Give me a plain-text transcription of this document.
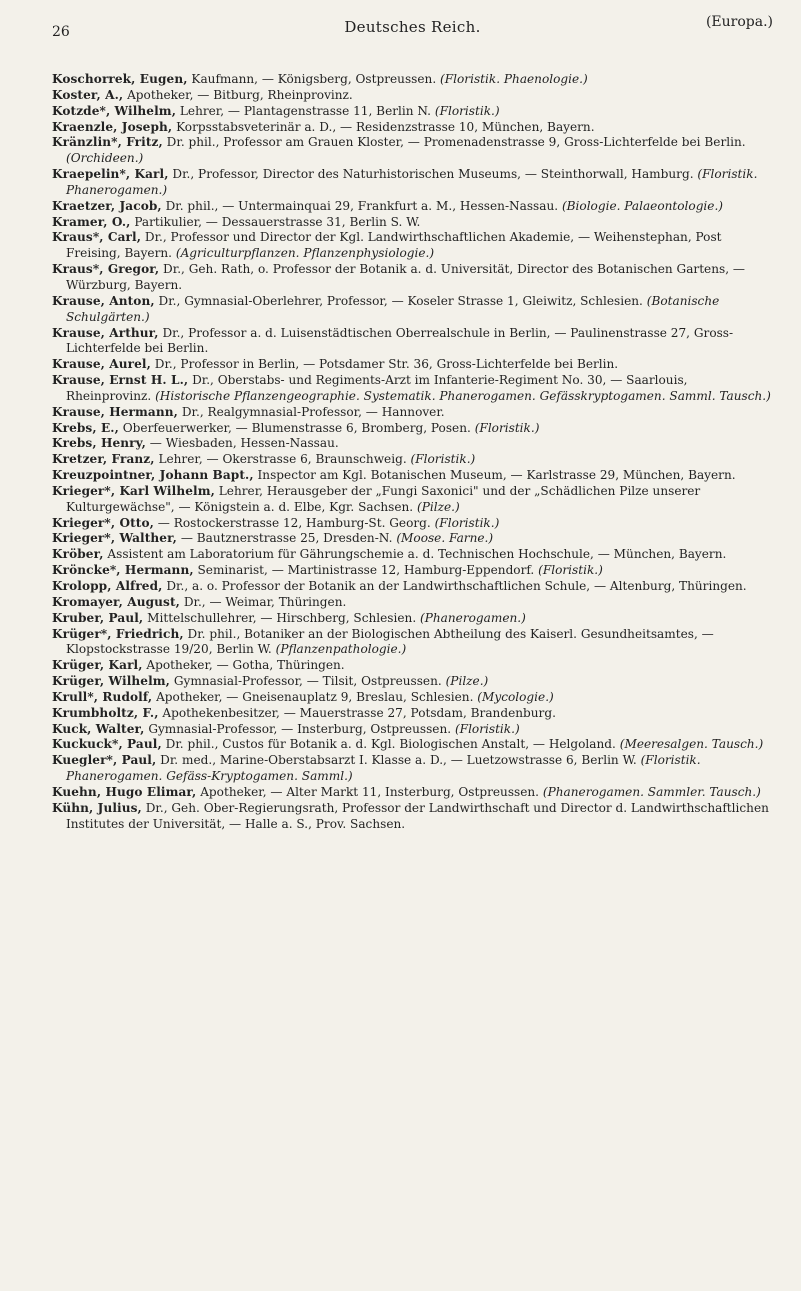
26	Deutsches Reich.	(Europa.)

Koschorrek, Eugen, Kaufmann, — Königsberg, Ostpreussen. (Floristik. Phaenologie.)

Koster, A., Apotheker, — Bitburg, Rheinprovinz.

Kotzde*, Wilhelm, Lehrer, — Plantagenstrasse 11, Berlin N. (Floristik.)

Kraenzle, Joseph, Korpsstabsveterinär a. D., — Residenzstrasse 10, München, Bayern.

Kränzlin*, Fritz, Dr. phil., Professor am Grauen Kloster, — Promenadenstrasse 9, Gross-Lichterfelde bei Berlin. (Orchideen.)

Kraepelin*, Karl, Dr., Professor, Director des Naturhistorischen Museums, — Steinthorwall, Hamburg. (Floristik. Phanerogamen.)

Kraetzer, Jacob, Dr. phil., — Untermainquai 29, Frankfurt a. M., Hessen-Nassau. (Biologie. Palaeontologie.)

Kramer, O., Partikulier, — Dessauerstrasse 31, Berlin S. W.

Kraus*, Carl, Dr., Professor und Director der Kgl. Landwirthschaftlichen Akademie, — Weihenstephan, Post Freising, Bayern. (Agriculturpflanzen. Pflanzenphysiologie.)

Kraus*, Gregor, Dr., Geh. Rath, o. Professor der Botanik a. d. Universität, Director des Botanischen Gartens, — Würzburg, Bayern.

Krause, Anton, Dr., Gymnasial-Oberlehrer, Professor, — Koseler Strasse 1, Gleiwitz, Schlesien. (Botanische Schulgärten.)

Krause, Arthur, Dr., Professor a. d. Luisenstädtischen Oberrealschule in Berlin, — Paulinenstrasse 27, Gross-Lichterfelde bei Berlin.

Krause, Aurel, Dr., Professor in Berlin, — Potsdamer Str. 36, Gross-Lichterfelde bei Berlin.

Krause, Ernst H. L., Dr., Oberstabs- und Regiments-Arzt im Infanterie-Regiment No. 30, — Saarlouis, Rheinprovinz. (Historische Pflanzengeographie. Systematik. Phanerogamen. Gefässkryptogamen. Samml. Tausch.)

Krause, Hermann, Dr., Realgymnasial-Professor, — Hannover.

Krebs, E., Oberfeuerwerker, — Blumenstrasse 6, Bromberg, Posen. (Floristik.)

Krebs, Henry, — Wiesbaden, Hessen-Nassau.

Kretzer, Franz, Lehrer, — Okerstrasse 6, Braunschweig. (Floristik.)

Kreuzpointner, Johann Bapt., Inspector am Kgl. Botanischen Museum, — Karlstrasse 29, München, Bayern.

Krieger*, Karl Wilhelm, Lehrer, Herausgeber der „Fungi Saxonici" und der „Schädlichen Pilze unserer Kulturgewächse", — Königstein a. d. Elbe, Kgr. Sachsen. (Pilze.)

Krieger*, Otto, — Rostockerstrasse 12, Hamburg-St. Georg. (Floristik.)

Krieger*, Walther, — Bautznerstrasse 25, Dresden-N. (Moose. Farne.)

Kröber, Assistent am Laboratorium für Gährungschemie a. d. Technischen Hochschule, — München, Bayern.

Krönckе*, Hermann, Seminarist, — Martinistrasse 12, Hamburg-Eppendorf. (Floristik.)

Kroloрр, Alfred, Dr., a. o. Professor der Botanik an der Landwirthschaftlichen Schule, — Altenburg, Thüringen.

Kromayer, August, Dr., — Weimar, Thüringen.

Kruber, Paul, Mittelschullehrer, — Hirschberg, Schlesien. (Phanerogamen.)

Krüger*, Friedrich, Dr. phil., Botaniker an der Biologischen Abtheilung des Kaiserl. Gesundheitsamtes, — Klopstockstrasse 19/20, Berlin W. (Pflanzenpathologie.)

Krüger, Karl, Apotheker, — Gotha, Thüringen.

Krüger, Wilhelm, Gymnasial-Professor, — Tilsit, Ostpreussen. (Pilze.)

Krull*, Rudolf, Apotheker, — Gneisenauplatz 9, Breslau, Schlesien. (Mycologie.)

Krumbholtz, F., Apothekenbesitzer, — Mauerstrasse 27, Potsdam, Brandenburg.

Kuck, Walter, Gymnasial-Professor, — Insterburg, Ostpreussen. (Floristik.)

Kuckuck*, Paul, Dr. phil., Custos für Botanik a. d. Kgl. Biologischen Anstalt, — Helgoland. (Meeresalgen. Tausch.)

Kuegler*, Paul, Dr. med., Marine-Oberstabsarzt I. Klasse a. D., — Luetzowstrasse 6, Berlin W. (Floristik. Phanerogamen. Gefäss-Kryptogamen. Samml.)

Kuehn, Hugo Elimar, Apotheker, — Alter Markt 11, Insterburg, Ostpreussen. (Phanerogamen. Sammler. Tausch.)

Kühn, Julius, Dr., Geh. Ober-Regierungsrath, Professor der Landwirthschaft und Director d. Landwirthschaftlichen Institutes der Universität, — Halle a. S., Prov. Sachsen.
